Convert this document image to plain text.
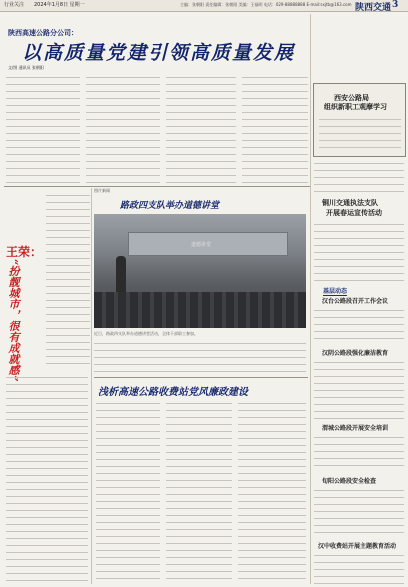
行业关注 2024年1月8日 星期一	主编：张朝阳 责任编辑：张朝阳 美编：王福明 电话：029-88888888 E-mail:sxjtb@163.com 陕西交通 3
陕西高速公路分公司：
以高质量党建引领高质量发展
文/图 通讯员 张朝阳
西安公路局
组织新职工观摩学习
铜川交通执法支队
开展春运宣传活动
基层动态
汉台公路段召开工作会议
汉阴公路段强化廉洁教育
渭城公路段开展安全培训
旬阳公路段安全检查
汉中收费站开展主题教育活动
王荣：
“扮靓城市，很有成就感”
图片新闻
路政四支队举办道德讲堂
道德讲堂
近日，路政四支队举办道德讲堂活动，全体干部职工参加。
浅析高速公路收费站党风廉政建设
